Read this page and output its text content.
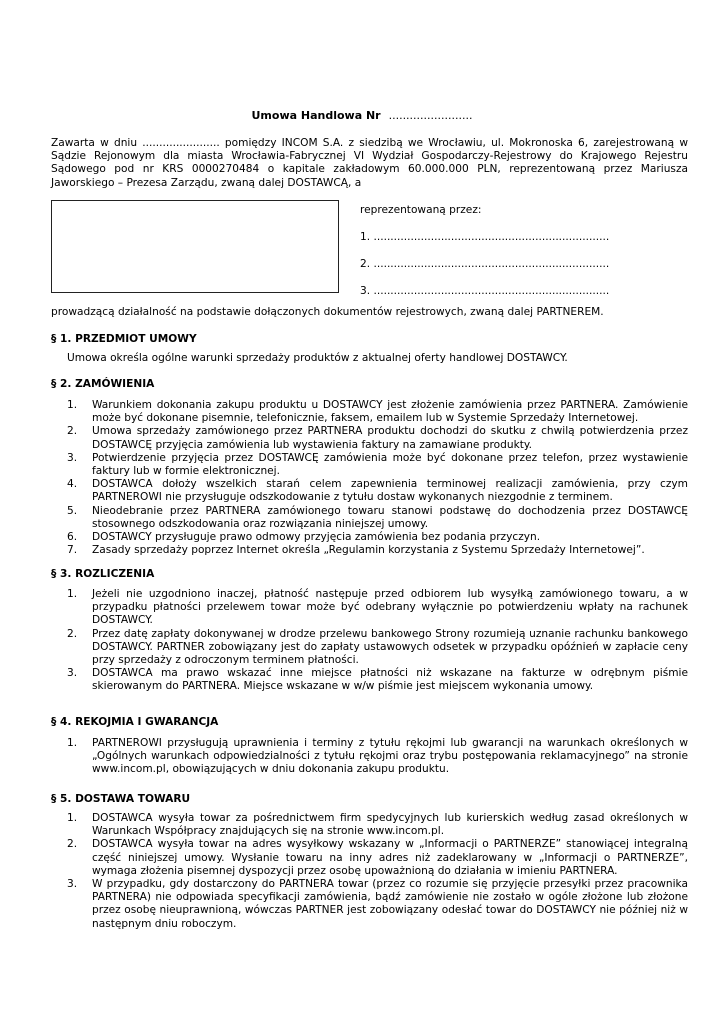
Umowa Handlowa Nr ........................
Zawarta w dniu ....................... pomiędzy INCOM S.A. z siedzibą we Wrocławiu, ul. Mokronoska 6, zarejestrowaną w Sądzie Rejonowym dla miasta Wrocławia-Fabrycznej VI Wydział Gospodarczy-Rejestrowy do Krajowego Rejestru Sądowego pod nr KRS 0000270484 o kapitale zakładowym 60.000.000 PLN, reprezentowaną przez Mariusza Jaworskiego – Prezesa Zarządu, zwaną dalej DOSTAWCĄ, a
reprezentowaną przez:
1. ......................................................................
2. ......................................................................
3. ......................................................................
prowadzącą działalność na podstawie dołączonych dokumentów rejestrowych, zwaną dalej PARTNEREM.
§ 1. PRZEDMIOT UMOWY
Umowa określa ogólne warunki sprzedaży produktów z aktualnej oferty handlowej DOSTAWCY.
§ 2. ZAMÓWIENIA
1. Warunkiem dokonania zakupu produktu u DOSTAWCY jest złożenie zamówienia przez PARTNERA. Zamówienie może być dokonane pisemnie, telefonicznie, faksem, emailem lub w Systemie Sprzedaży Internetowej.
2. Umowa sprzedaży zamówionego przez PARTNERA produktu dochodzi do skutku z chwilą potwierdzenia przez DOSTAWCĘ przyjęcia zamówienia lub wystawienia faktury na zamawiane produkty.
3. Potwierdzenie przyjęcia przez DOSTAWCĘ zamówienia może być dokonane przez telefon, przez wystawienie faktury lub w formie elektronicznej.
4. DOSTAWCA dołoży wszelkich starań celem zapewnienia terminowej realizacji zamówienia, przy czym PARTNEROWI nie przysługuje odszkodowanie z tytułu dostaw wykonanych niezgodnie z terminem.
5. Nieodebranie przez PARTNERA zamówionego towaru stanowi podstawę do dochodzenia przez DOSTAWCĘ stosownego odszkodowania oraz rozwiązania niniejszej umowy.
6. DOSTAWCY przysługuje prawo odmowy przyjęcia zamówienia bez podania przyczyn.
7. Zasady sprzedaży poprzez Internet określa „Regulamin korzystania z Systemu Sprzedaży Internetowej”.
§ 3. ROZLICZENIA
1. Jeżeli nie uzgodniono inaczej, płatność następuje przed odbiorem lub wysyłką zamówionego towaru, a w przypadku płatności przelewem towar może być odebrany wyłącznie po potwierdzeniu wpłaty na rachunek DOSTAWCY.
2. Przez datę zapłaty dokonywanej w drodze przelewu bankowego Strony rozumieją uznanie rachunku bankowego DOSTAWCY. PARTNER zobowiązany jest do zapłaty ustawowych odsetek w przypadku opóźnień w zapłacie ceny przy sprzedaży z odroczonym terminem płatności.
3. DOSTAWCA ma prawo wskazać inne miejsce płatności niż wskazane na fakturze w odrębnym piśmie skierowanym do PARTNERA. Miejsce wskazane w w/w piśmie jest miejscem wykonania umowy.
§ 4. REKOJMIA I GWARANCJA
1. PARTNEROWI przysługują uprawnienia i terminy z tytułu rękojmi lub gwarancji na warunkach określonych w „Ogólnych warunkach odpowiedzialności z tytułu rękojmi oraz trybu postępowania reklamacyjnego” na stronie www.incom.pl, obowiązujących w dniu dokonania zakupu produktu.
§ 5. DOSTAWA TOWARU
1. DOSTAWCA wysyła towar za pośrednictwem firm spedycyjnych lub kurierskich według zasad określonych w Warunkach Współpracy znajdujących się na stronie www.incom.pl.
2. DOSTAWCA wysyła towar na adres wysyłkowy wskazany w „Informacji o PARTNERZE” stanowiącej integralną część niniejszej umowy. Wysłanie towaru na inny adres niż zadeklarowany w „Informacji o PARTNERZE”, wymaga złożenia pisemnej dyspozycji przez osobę upoważnioną do działania w imieniu PARTNERA.
3. W przypadku, gdy dostarczony do PARTNERA towar (przez co rozumie się przyjęcie przesyłki przez pracownika PARTNERA) nie odpowiada specyfikacji zamówienia, bądź zamówienie nie zostało w ogóle złożone lub złożone przez osobę nieuprawnioną, wówczas PARTNER jest zobowiązany odesłać towar do DOSTAWCY nie później niż w następnym dniu roboczym.
